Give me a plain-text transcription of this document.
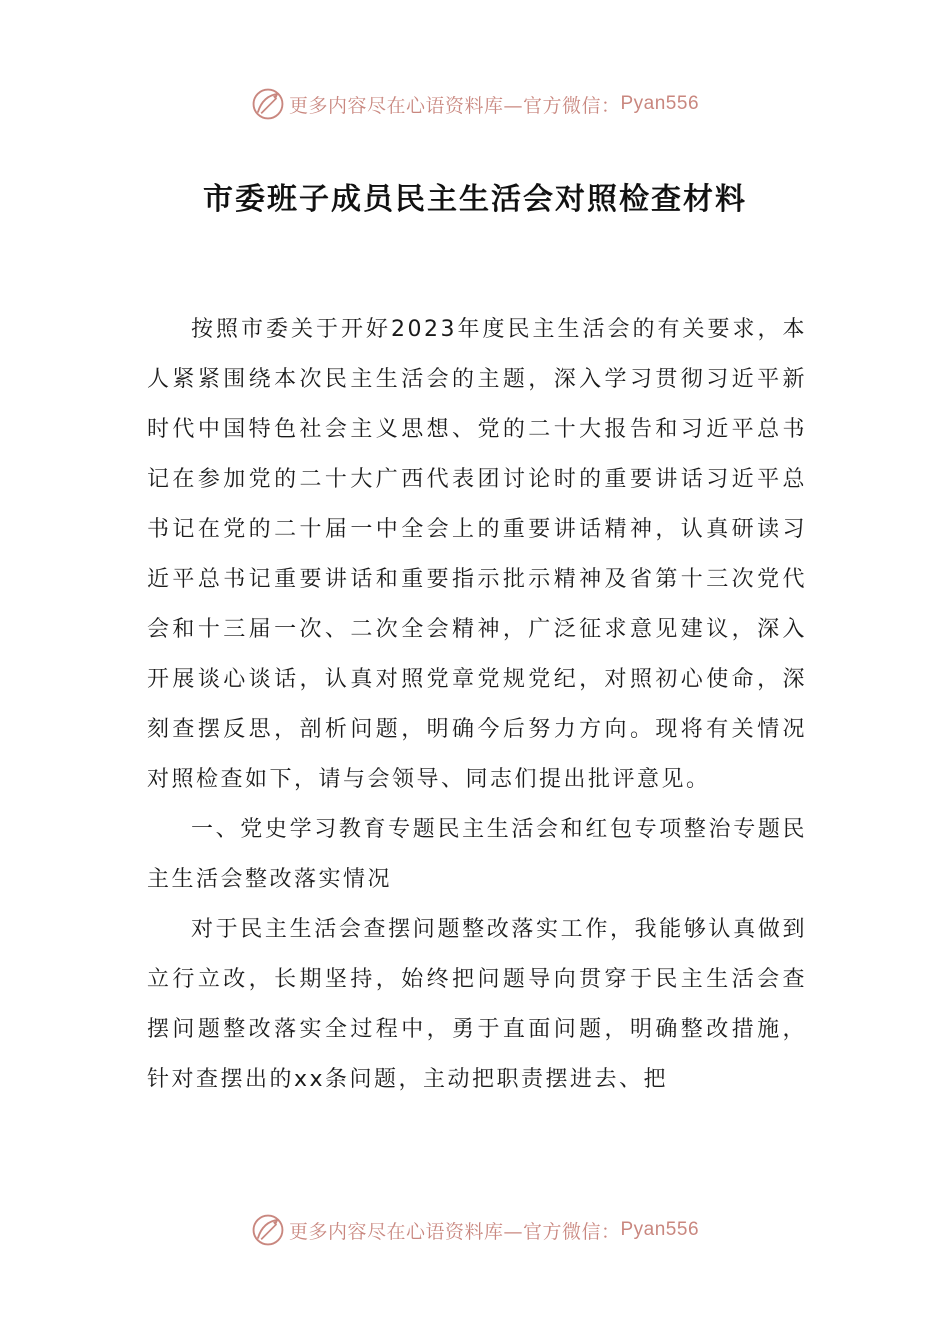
更多内容尽在心语资料库—官方微信： Pyan556
市委班子成员民主生活会对照检查材料

按照市委关于开好2023年度民主生活会的有关要求，本人紧紧围绕本次民主生活会的主题，深入学习贯彻习近平新时代中国特色社会主义思想、党的二十大报告和习近平总书记在参加党的二十大广西代表团讨论时的重要讲话习近平总书记在党的二十届一中全会上的重要讲话精神，认真研读习近平总书记重要讲话和重要指示批示精神及省第十三次党代会和十三届一次、二次全会精神，广泛征求意见建议，深入开展谈心谈话，认真对照党章党规党纪，对照初心使命，深刻查摆反思，剖析问题，明确今后努力方向。现将有关情况对照检查如下，请与会领导、同志们提出批评意见。

一、党史学习教育专题民主生活会和红包专项整治专题民主生活会整改落实情况

对于民主生活会查摆问题整改落实工作，我能够认真做到立行立改，长期坚持，始终把问题导向贯穿于民主生活会查摆问题整改落实全过程中，勇于直面问题，明确整改措施，针对查摆出的xx条问题，主动把职责摆进去、把

更多内容尽在心语资料库—官方微信： Pyan556
